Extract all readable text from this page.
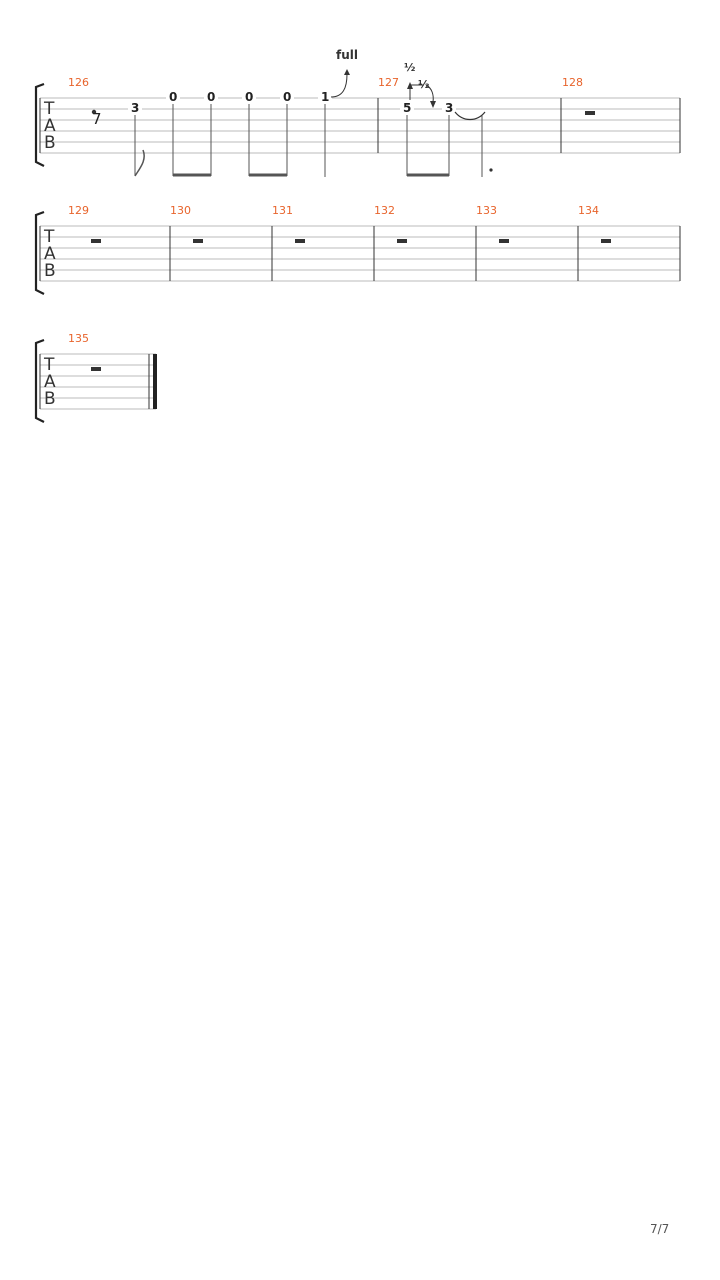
T
A
B
126	127	128
7
3
0 0 0 0 1
full
½
½
5	3
T
A
B
129	130	131	132	133	134
T
A
B
135
7/7
